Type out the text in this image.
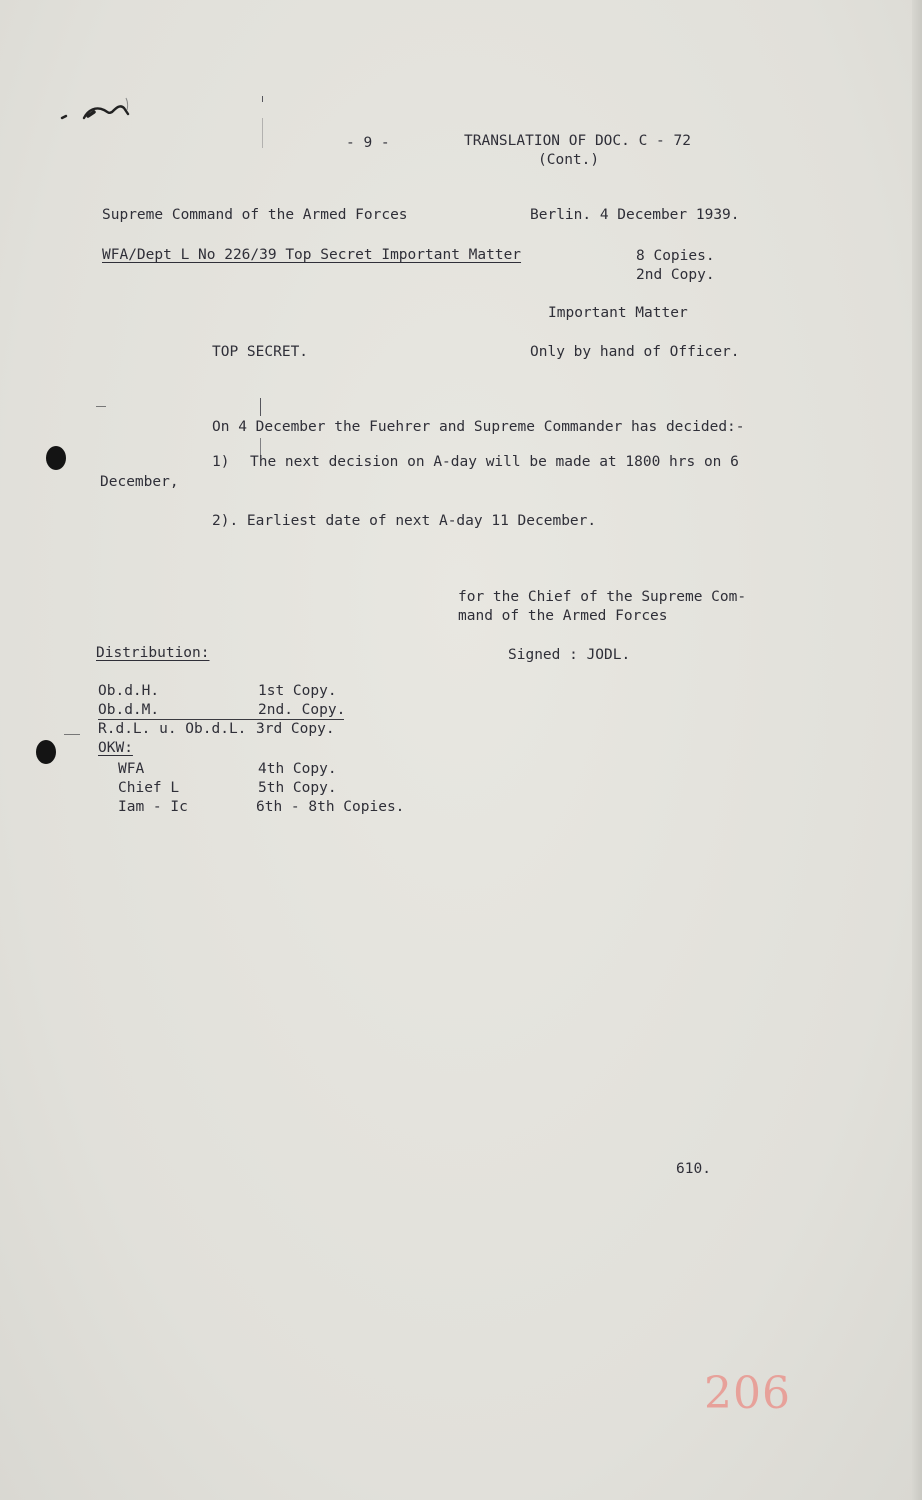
- 9 -	TRANSLATION OF DOC. C - 72
(Cont.)
Supreme Command of the Armed Forces	Berlin. 4 December 1939.
WFA/Dept L No 226/39 Top Secret Important Matter	8 Copies.
2nd Copy.
Important Matter
TOP SECRET.	Only by hand of Officer.
On 4 December the Fuehrer and Supreme Commander has decided:-
1) The next decision on A-day will be made at 1800 hrs on 6
December,
2). Earliest date of next A-day 11 December.
for the Chief of the Supreme Com-
mand of the Armed Forces
Signed : JODL.
Distribution:
Ob.d.H.	1st Copy.
Ob.d.M.	2nd. Copy.
R.d.L. u. Ob.d.L. 3rd Copy.
OKW:
WFA	4th Copy.
Chief L	5th Copy.
Iam - Ic	6th - 8th Copies.
610.
206
